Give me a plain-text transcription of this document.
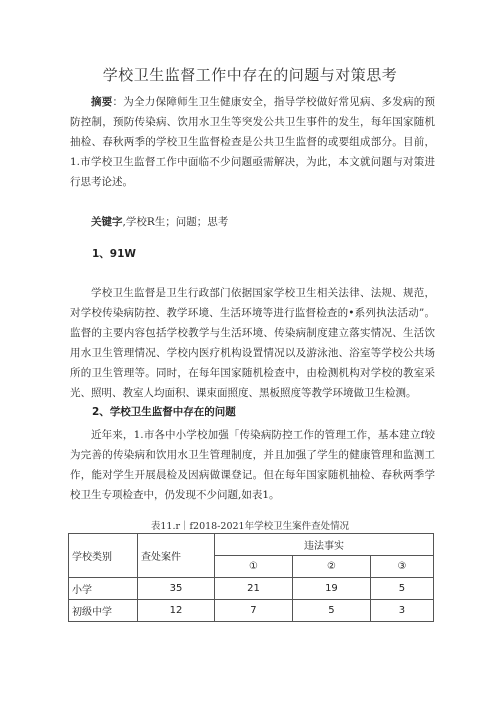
学校卫生监督工作中存在的问题与对策思考

摘要：为全力保障师生卫生健康安全，指导学校做好常见病、多发病的预防控制，预防传染病、饮用水卫生等突发公共卫生事件的发生，每年国家随机抽检、春秋两季的学校卫生监督检查是公共卫生监督的或要组成部分。目前，1.市学校卫生监督工作中面临不少问题亟需解决，为此，本文就问题与对策进行思考论述。

关键字,学校R生；问题；思考

1、91W

学校卫生监督是卫生行政部门依据国家学校卫生相关法律、法规、规范，对学校传染病防控、教学环境、生活环境等进行监督检查的•系列执法活动”。监督的主要内容包括学校教学与生活环境、传染病制度建立落实情况、生活饮用水卫生管理情况、学校内医疗机构设置情况以及游泳池、浴室等学校公共场所的卫生管理等。同时，在每年国家随机检查中，由检测机构对学校的教室采光、照明、教室人均面积、课束面照度、黑板照度等教学环境做卫生检测。

2、学校卫生监督中存在的问题

近年来，1.市各中小学校加强「传染病防控工作的管理工作，基本建立f较为完善的传染病和饮用水卫生管理制度，并且加强了学生的健康管理和监测工作，能对学生开展晨检及因病做课登记。但在每年国家随机抽检、春秋两季学校卫生专项检查中，仍发现不少问题,如表1。

表11.r｜f2018-2021年学校卫生案件查处情况
学校类别	查处案件	违法事实		
		①	②	③
小学	35	21	19	5
初级中学	12	7	5	3
